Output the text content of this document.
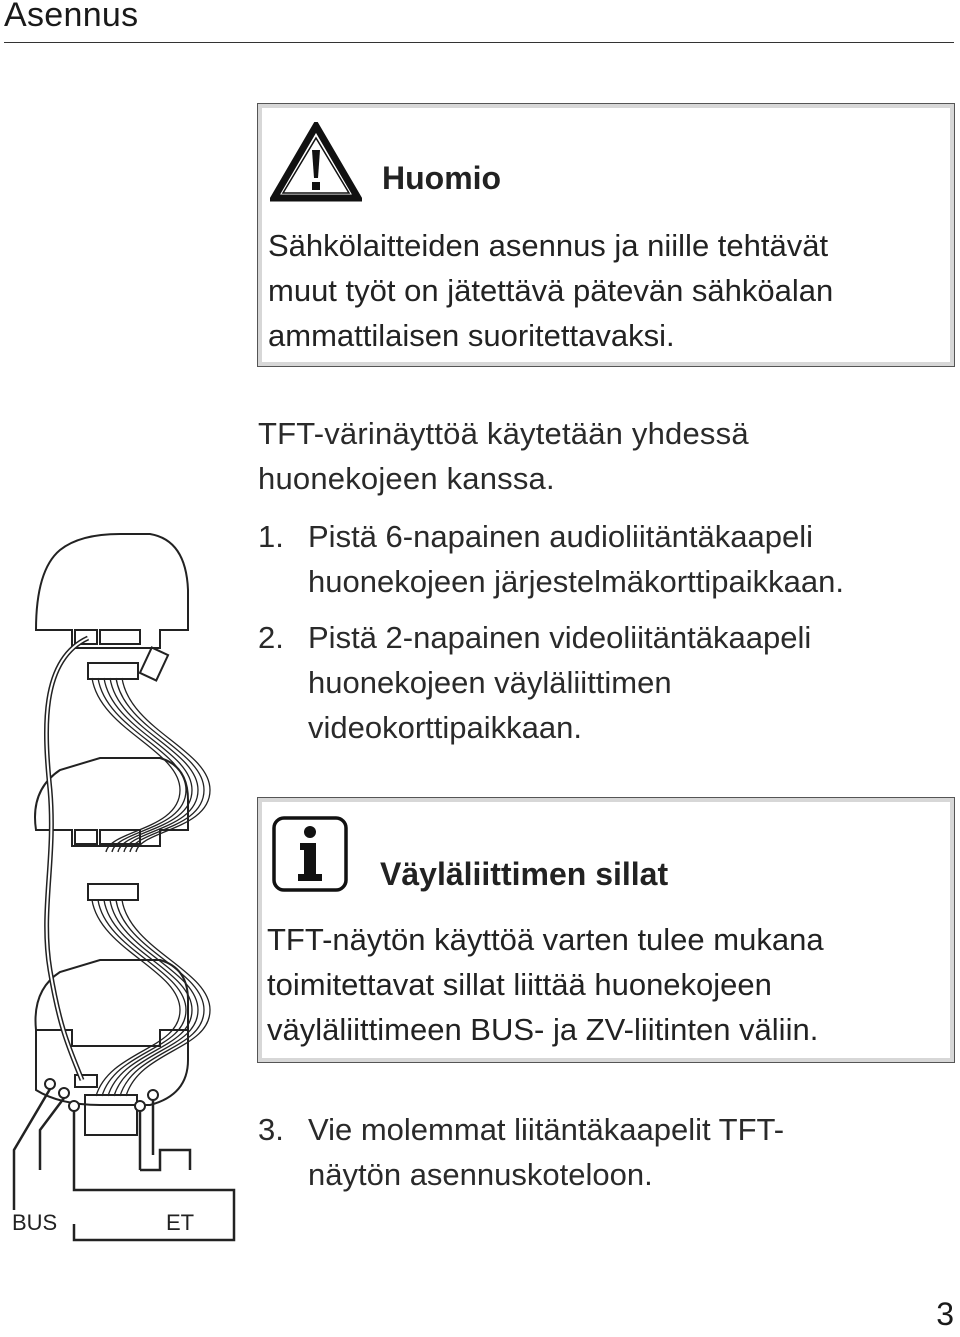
Asennus
Huomio
Sähkölaitteiden asennus ja niille tehtävät
muut työt on jätettävä pätevän sähköalan
ammattilaisen suoritettavaksi.
TFT-värinäyttöä käytetään yhdessä
huonekojeen kanssa.
1. Pistä 6-napainen audioliitäntäkaapeli
huonekojeen järjestelmäkorttipaikkaan.
2. Pistä 2-napainen videoliitäntäkaapeli
huonekojeen väyläliittimen
videokorttipaikkaan.
Väyläliittimen sillat
TFT-näytön käyttöä varten tulee mukana
toimitettavat sillat liittää huonekojeen
väyläliittimeen BUS- ja ZV-liitinten väliin.
3. Vie molemmat liitäntäkaapelit TFT-
näytön asennuskoteloon.
BUS	ET
3
